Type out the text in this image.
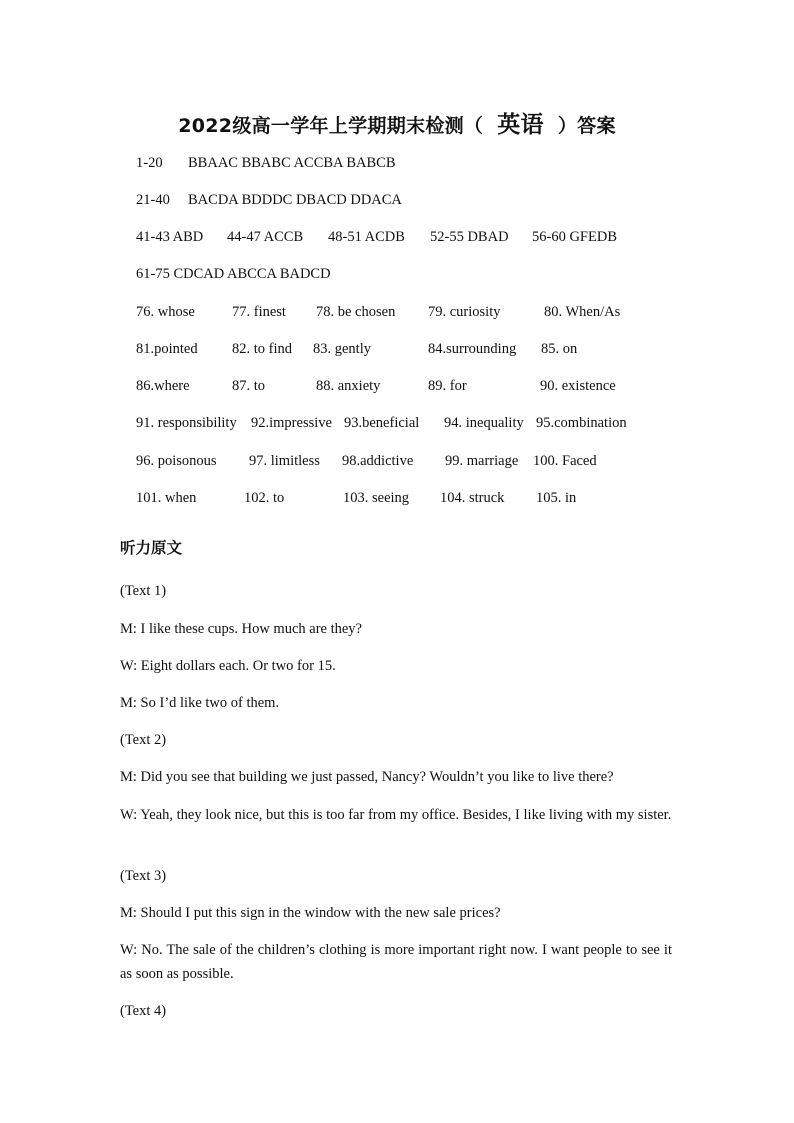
2022级高一学年上学期期末检测（ 英语 ）答案
1-20 BBAAC BBABC ACCBA BABCB
21-40 BACDA BDDDC DBACD DDACA
41-43 ABD 44-47 ACCB 48-51 ACDB 52-55 DBAD 56-60 GFEDB
61-75 CDCAD ABCCA BADCD
76. whose	77. finest 78. be chosen 79. curiosity	80. When/As
81.pointed 82. to find 83. gently	84.surrounding 85. on
86.where	87. to	88. anxiety	89. for	90. existence
91. responsibility 92.impressive 93.beneficial 94. inequality 95.combination
96. poisonous 97. limitless 98.addictive 99. marriage 100. Faced
101. when	102. to	103. seeing 104. struck 105. in
听力原文
(Text 1)
M: I like these cups. How much are they?
W: Eight dollars each. Or two for 15.
M: So I’d like two of them.
(Text 2)
M: Did you see that building we just passed, Nancy? Wouldn’t you like to live there?
W: Yeah, they look nice, but this is too far from my office. Besides, I like living with my sister.
(Text 3)
M: Should I put this sign in the window with the new sale prices?
W: No. The sale of the children’s clothing is more important right now. I want people to see it as soon as possible.
(Text 4)
